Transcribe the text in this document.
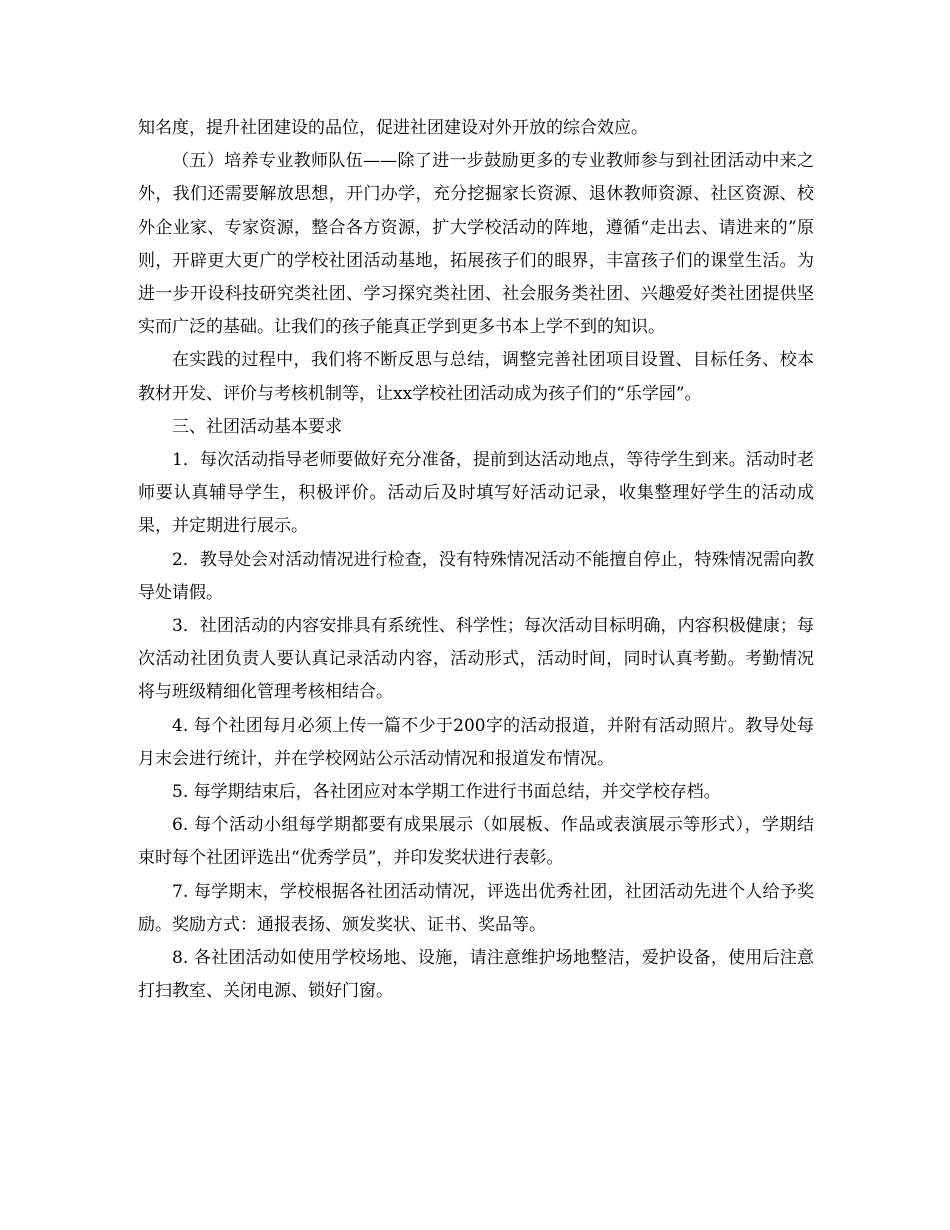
知名度，提升社团建设的品位，促进社团建设对外开放的综合效应。

（五）培养专业教师队伍——除了进一步鼓励更多的专业教师参与到社团活动中来之外，我们还需要解放思想，开门办学，充分挖掘家长资源、退休教师资源、社区资源、校外企业家、专家资源，整合各方资源，扩大学校活动的阵地，遵循“走出去、请进来的”原则，开辟更大更广的学校社团活动基地，拓展孩子们的眼界，丰富孩子们的课堂生活。为进一步开设科技研究类社团、学习探究类社团、社会服务类社团、兴趣爱好类社团提供坚实而广泛的基础。让我们的孩子能真正学到更多书本上学不到的知识。

在实践的过程中，我们将不断反思与总结，调整完善社团项目设置、目标任务、校本教材开发、评价与考核机制等，让xx学校社团活动成为孩子们的“乐学园”。

三、社团活动基本要求

1．每次活动指导老师要做好充分准备，提前到达活动地点，等待学生到来。活动时老师要认真辅导学生，积极评价。活动后及时填写好活动记录，收集整理好学生的活动成果，并定期进行展示。

2．教导处会对活动情况进行检查，没有特殊情况活动不能擅自停止，特殊情况需向教导处请假。

3．社团活动的内容安排具有系统性、科学性；每次活动目标明确，内容积极健康；每次活动社团负责人要认真记录活动内容，活动形式，活动时间，同时认真考勤。考勤情况将与班级精细化管理考核相结合。

4. 每个社团每月必须上传一篇不少于200字的活动报道，并附有活动照片。教导处每月末会进行统计，并在学校网站公示活动情况和报道发布情况。

5. 每学期结束后，各社团应对本学期工作进行书面总结，并交学校存档。

6. 每个活动小组每学期都要有成果展示（如展板、作品或表演展示等形式），学期结束时每个社团评选出“优秀学员”，并印发奖状进行表彰。

7. 每学期末，学校根据各社团活动情况，评选出优秀社团，社团活动先进个人给予奖励。奖励方式：通报表扬、颁发奖状、证书、奖品等。

8. 各社团活动如使用学校场地、设施，请注意维护场地整洁，爱护设备，使用后注意打扫教室、关闭电源、锁好门窗。
